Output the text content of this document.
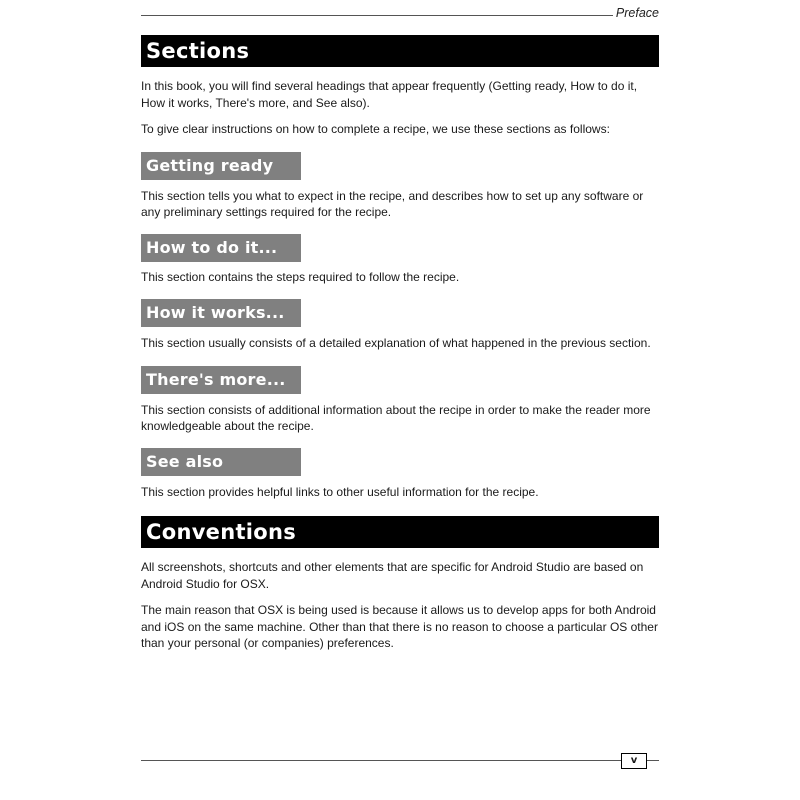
Preface
Sections

In this book, you will find several headings that appear frequently (Getting ready, How to do it, How it works, There's more, and See also).

To give clear instructions on how to complete a recipe, we use these sections as follows:

Getting ready

This section tells you what to expect in the recipe, and describes how to set up any software or any preliminary settings required for the recipe.

How to do it...

This section contains the steps required to follow the recipe.

How it works...

This section usually consists of a detailed explanation of what happened in the previous section.

There's more...

This section consists of additional information about the recipe in order to make the reader more knowledgeable about the recipe.

See also

This section provides helpful links to other useful information for the recipe.

Conventions

All screenshots, shortcuts and other elements that are specific for Android Studio are based on Android Studio for OSX.

The main reason that OSX is being used is because it allows us to develop apps for both Android and iOS on the same machine. Other than that there is no reason to choose a particular OS other than your personal (or companies) preferences.

v
